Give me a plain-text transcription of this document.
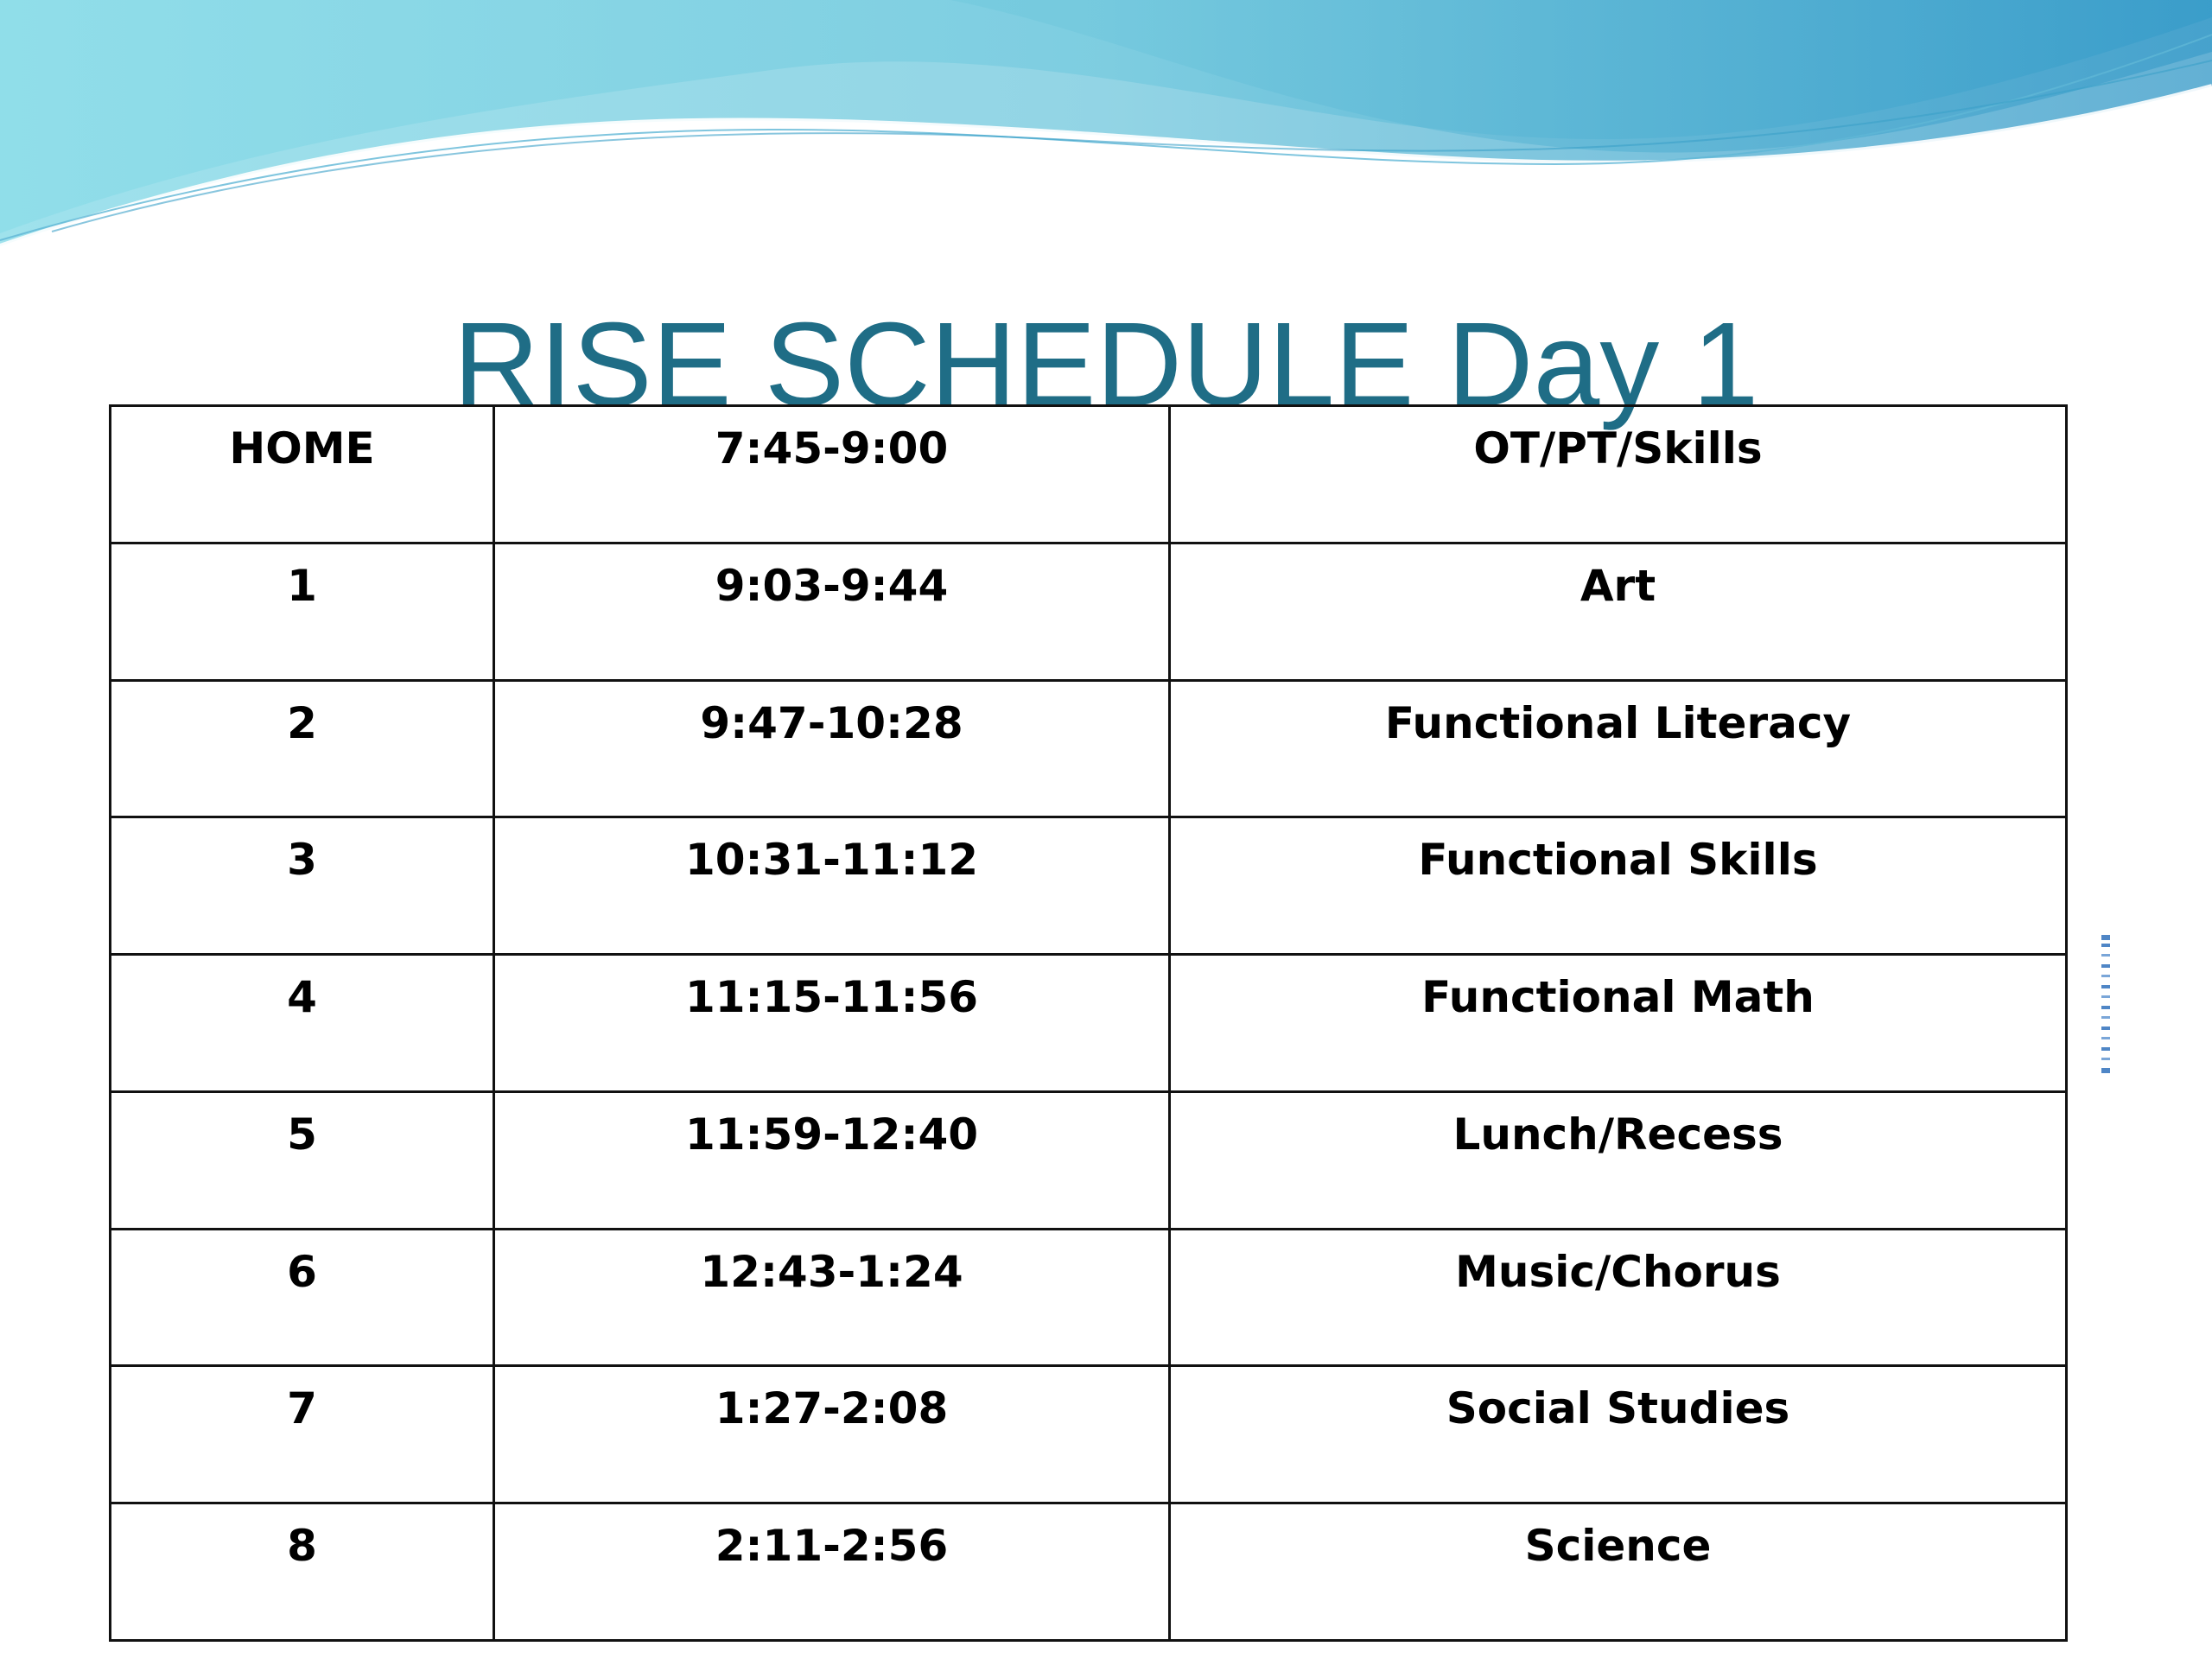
RISE SCHEDULE Day 1
HOME	7:45-9:00	OT/PT/Skills
1	9:03-9:44	Art
2	9:47-10:28	Functional Literacy
3	10:31-11:12	Functional Skills
4	11:15-11:56	Functional Math
5	11:59-12:40	Lunch/Recess
6	12:43-1:24	Music/Chorus
7	1:27-2:08	Social Studies
8	2:11-2:56	Science
